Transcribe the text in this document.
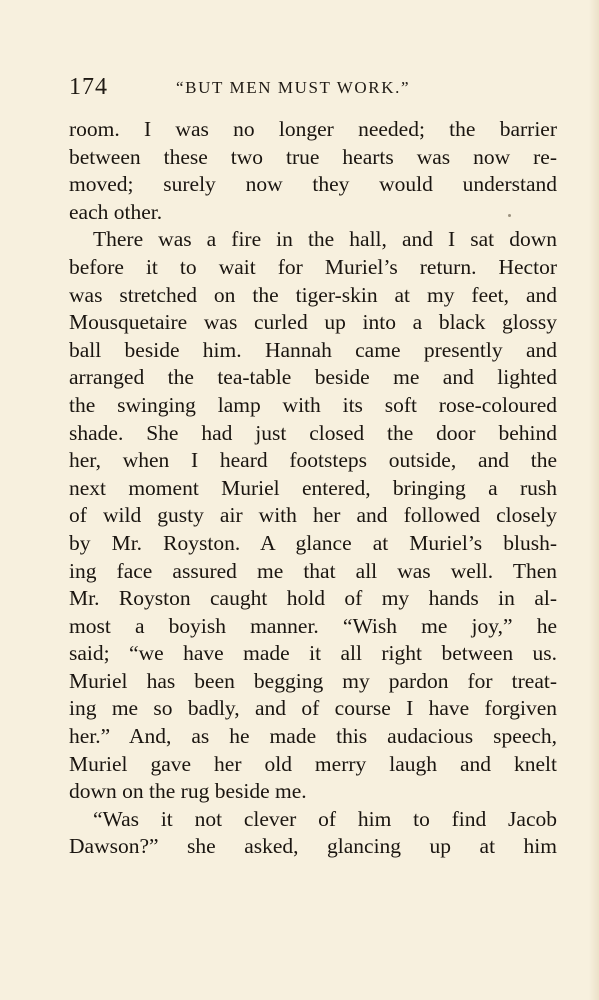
174	“BUT MEN MUST WORK.”
room. I was no longer needed; the barrier
between these two true hearts was now re-
moved; surely now they would understand
each other.
There was a fire in the hall, and I sat down
before it to wait for Muriel’s return. Hector
was stretched on the tiger-skin at my feet, and
Mousquetaire was curled up into a black glossy
ball beside him. Hannah came presently and
arranged the tea-table beside me and lighted
the swinging lamp with its soft rose-coloured
shade. She had just closed the door behind
her, when I heard footsteps outside, and the
next moment Muriel entered, bringing a rush
of wild gusty air with her and followed closely
by Mr. Royston. A glance at Muriel’s blush-
ing face assured me that all was well. Then
Mr. Royston caught hold of my hands in al-
most a boyish manner. “Wish me joy,” he
said; “we have made it all right between us.
Muriel has been begging my pardon for treat-
ing me so badly, and of course I have forgiven
her.” And, as he made this audacious speech,
Muriel gave her old merry laugh and knelt
down on the rug beside me.
“Was it not clever of him to find Jacob
Dawson?” she asked, glancing up at him
